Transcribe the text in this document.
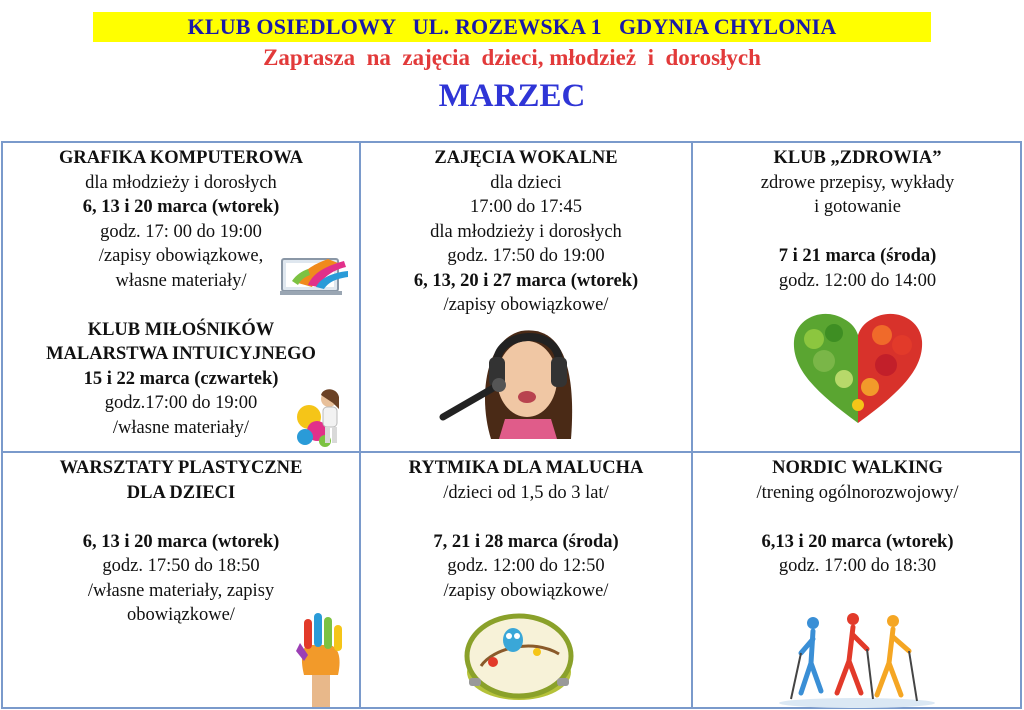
KLUB OSIEDLOWY   UL. ROZEWSKA 1   GDYNIA CHYLONIA
Zaprasza  na  zajęcia  dzieci, młodzież  i  dorosłych
MARZEC

GRAFIKA KOMPUTEROWA

dla młodzieży i dorosłych

6, 13 i 20 marca (wtorek)

godz. 17: 00 do 19:00

/zapisy obowiązkowe,

własne materiały/

KLUB MIŁOŚNIKÓW

MALARSTWA INTUICYJNEGO

15 i 22 marca (czwartek)

godz.17:00 do 19:00

/własne materiały/

ZAJĘCIA WOKALNE

dla dzieci

17:00 do 17:45

dla młodzieży i dorosłych

godz. 17:50 do 19:00

6, 13, 20 i 27 marca (wtorek)

/zapisy obowiązkowe/

KLUB „ZDROWIA”

zdrowe przepisy, wykłady

i gotowanie

7 i 21 marca (środa)

godz. 12:00 do 14:00

WARSZTATY PLASTYCZNE

DLA DZIECI

6, 13 i 20 marca (wtorek)

godz. 17:50 do 18:50

/własne materiały, zapisy

obowiązkowe/

RYTMIKA DLA MALUCHA

/dzieci od 1,5 do 3 lat/

7, 21 i 28 marca (środa)

godz. 12:00 do 12:50

/zapisy obowiązkowe/

NORDIC WALKING

/trening ogólnorozwojowy/

6,13 i 20 marca (wtorek)

godz. 17:00 do 18:30
